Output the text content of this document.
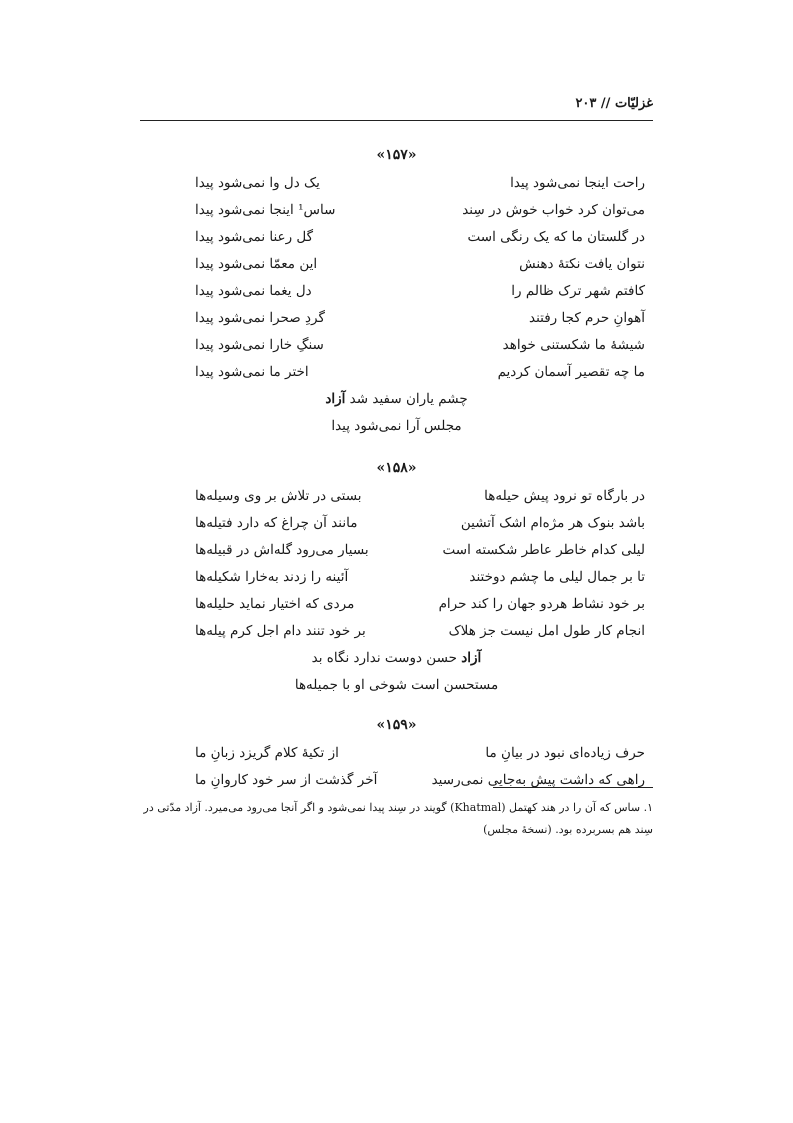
غزلیّات // ۲۰۳
«۱۵۷»
راحت اینجا نمی‌شود پیدا
یک دل وا نمی‌شود پیدا
می‌توان کرد خواب خوش در سِند
ساس¹ اینجا نمی‌شود پیدا
در گلستان ما که یک رنگی است
گل رعنا نمی‌شود پیدا
نتوان یافت نکتهٔ دهنش
این معمّا نمی‌شود پیدا
کافتم شهر ترک ظالم را
دل یغما نمی‌شود پیدا
آهوانِ حرم کجا رفتند
گردِ صحرا نمی‌شود پیدا
شیشهٔ ما شکستنی خواهد
سنگِ خارا نمی‌شود پیدا
ما چه تقصیر آسمان کردیم
اختر ما نمی‌شود پیدا
چشم یاران سفید شد آزاد
مجلس آرا نمی‌شود پیدا
«۱۵۸»
در بارگاه تو نرود پیش حیله‌ها
بستی در تلاش بر وی وسیله‌ها
باشد بنوک هر مژه‌ام اشک آتشین
مانند آن چراغ که دارد فتیله‌ها
لیلی کدام خاطر عاطر شکسته است
بسیار می‌رود گله‌اش در قبیله‌ها
تا بر جمال لیلی ما چشم دوختند
آئینه را زدند به‌خارا شکیله‌ها
بر خود نشاط هردو جهان را کند حرام
مردی که اختیار نماید حلیله‌ها
انجام کار طول امل نیست جز هلاک
بر خود تنند دام اجل کرم پیله‌ها
آزاد حسن دوست ندارد نگاه بد
مستحسن است شوخی او با جمیله‌ها
«۱۵۹»
حرف زیاده‌ای نبود در بیانِ ما
از تکیهٔ کلام گریزد زبانِ ما
راهی که داشت پیش به‌جایی نمی‌رسید
آخر گذشت از سر خود کاروانِ ما
۱. ساس که آن را در هند کهتمل (Khatmal) گویند در سِند پیدا نمی‌شود و اگر آنجا می‌رود می‌میرد. آزاد مدّتی در سِند هم بسربرده بود. (نسخهٔ مجلس)
